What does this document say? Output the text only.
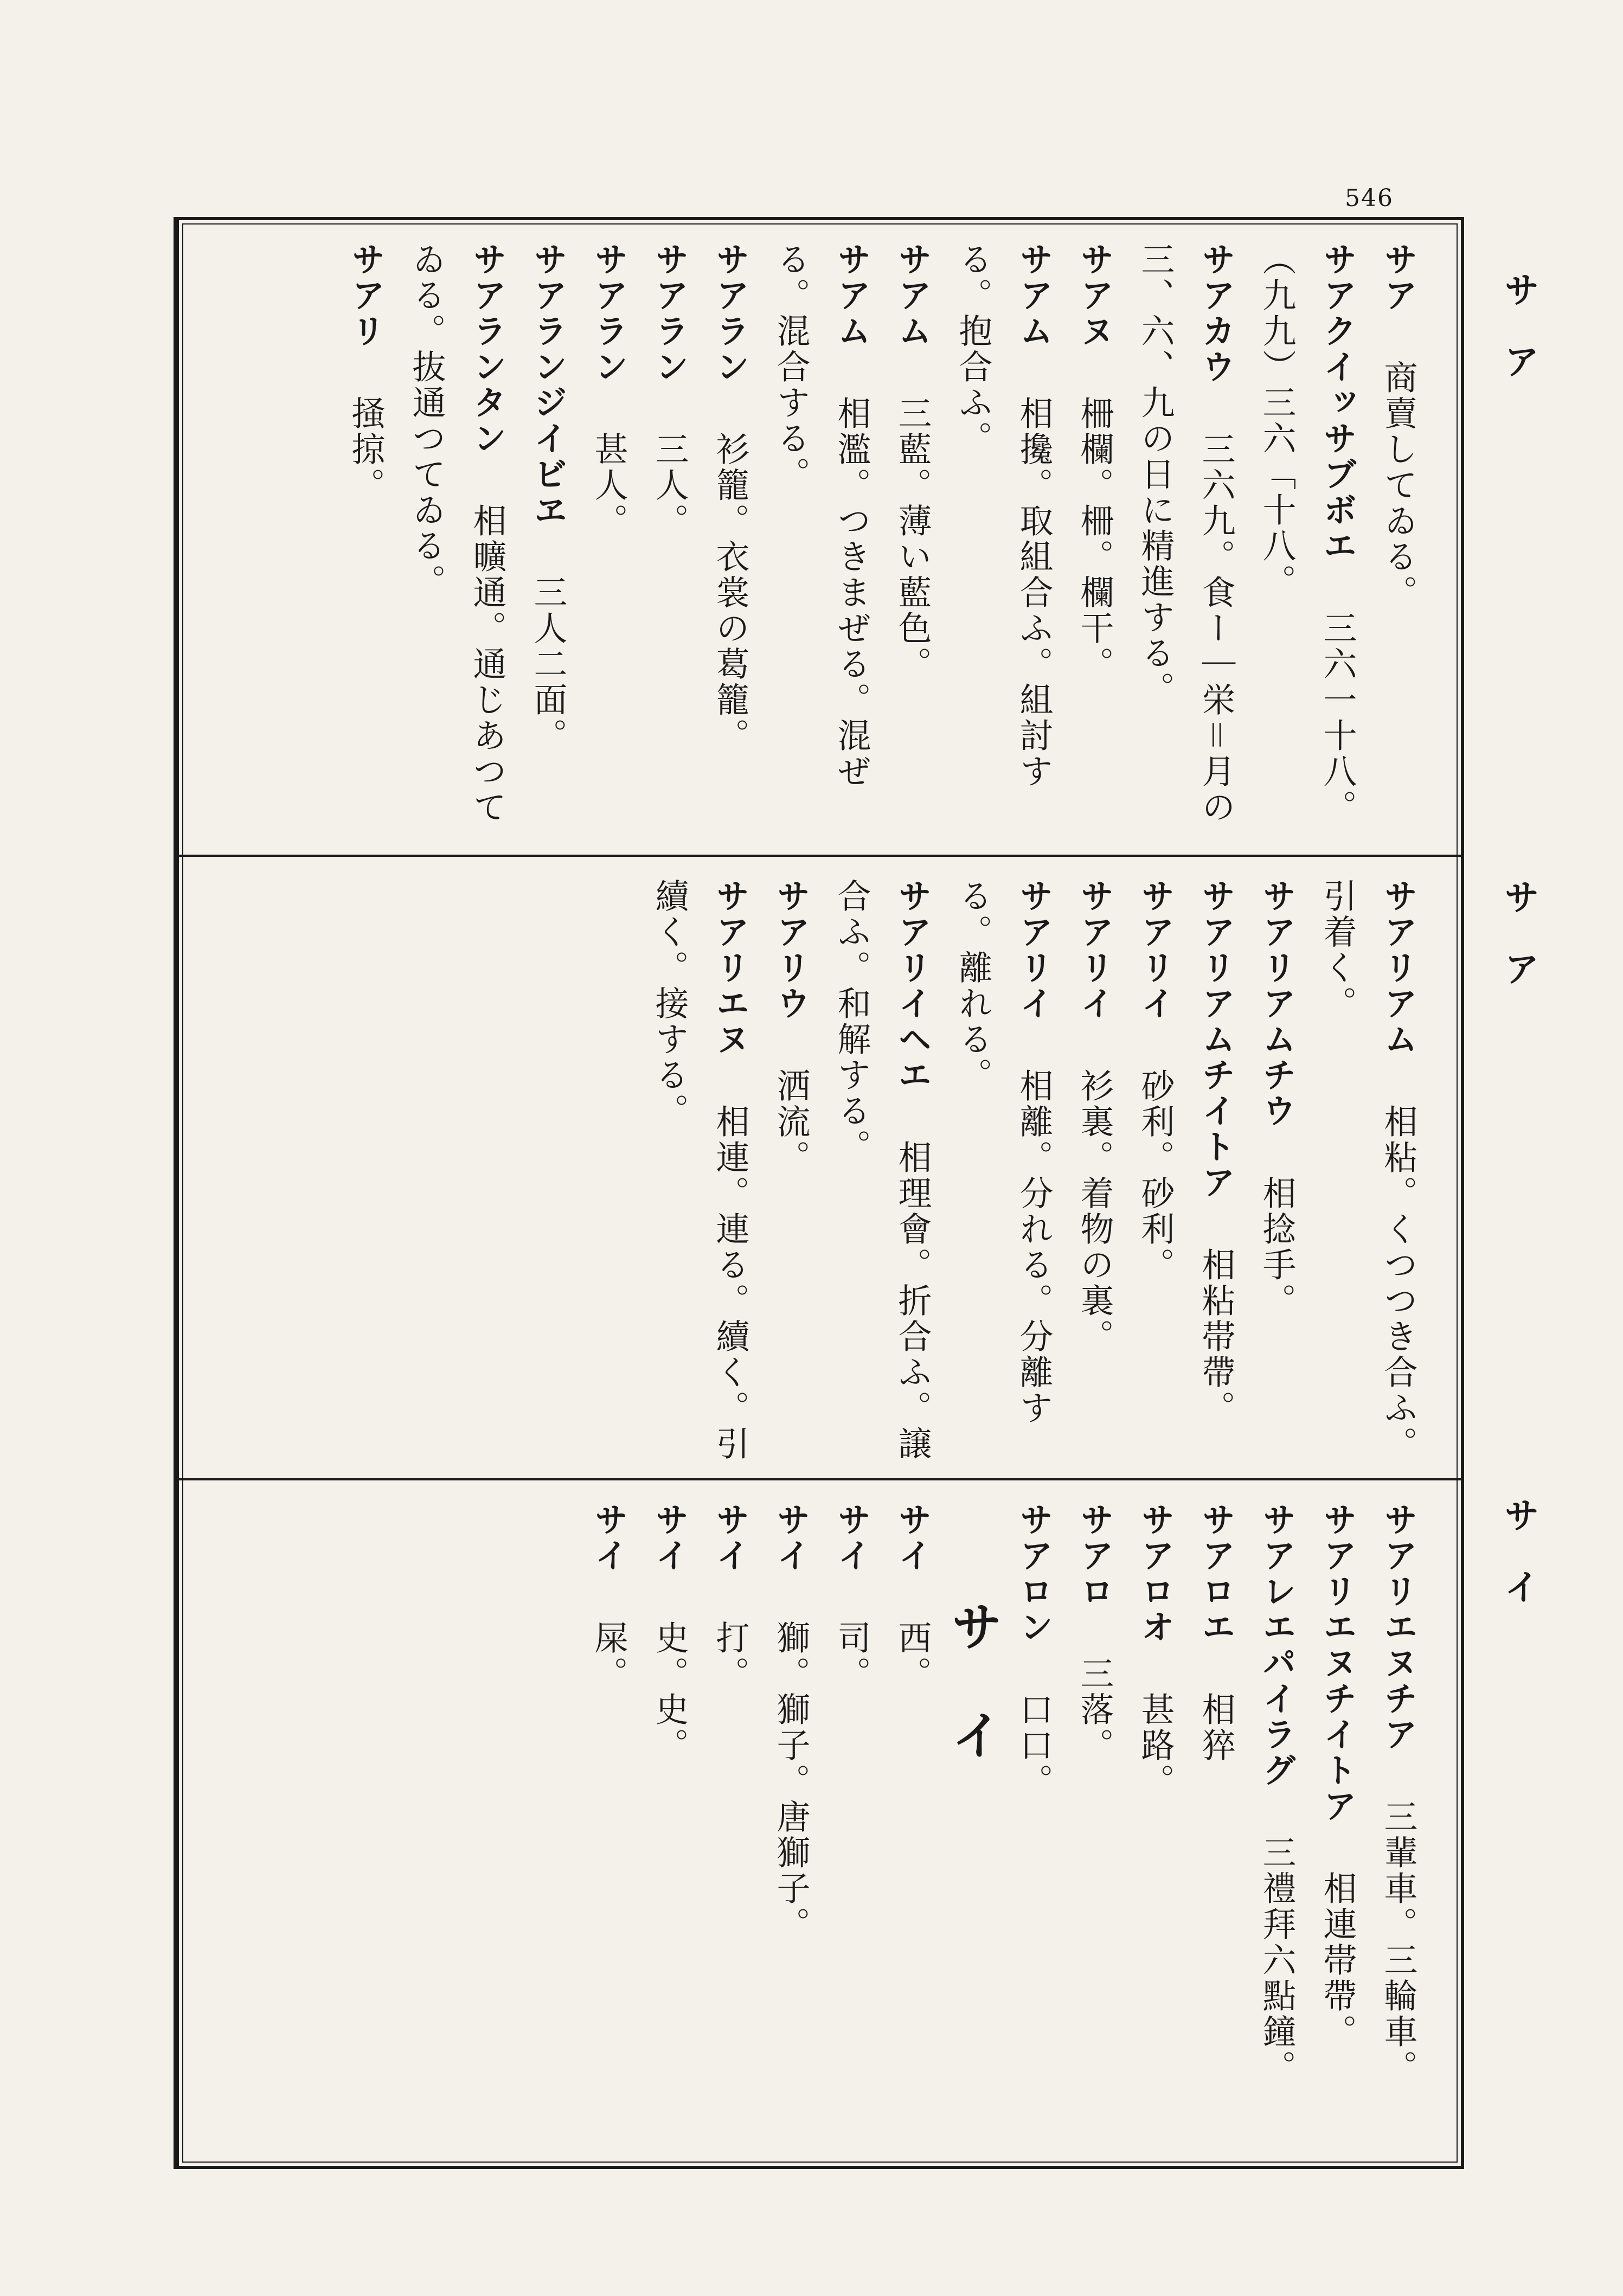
546
サ　ア
サ　ア
サ　イ
サア　商賣してゐる。
サアクイッサブボエ　三六一十八。（九九）三六「十八。
サアカウ　三六九。食ー｜栄＝月の三、六、九の日に精進する。
サアヌ　柵欄。柵。欄干。
サアム　相攙。取組合ふ。組討する。抱合ふ。
サアム　三藍。薄い藍色。
サアム　相濫。つきまぜる。混ぜる。混合する。
サアラン　衫籠。衣裳の葛籠。
サアラン　三人。
サアラン　甚人。
サアランジイビヱ　三人二面。
サアランタン　相曠通。通じあつてゐる。抜通つてゐる。
サアリ　掻掠。
サアリアム　相粘。くつつき合ふ。引着く。
サアリアムチウ　相捻手。
サアリアムチイトア　相粘帯帶。
サアリイ　砂利。砂利。
サアリイ　衫裏。着物の裏。
サアリイ　相離。分れる。分離する。離れる。
サアリイヘエ　相理會。折合ふ。譲合ふ。和解する。
サアリウ　洒流。
サアリエヌ　相連。連る。續く。引續く。接する。
サアリエヌチア　三輩車。三輪車。
サアリエヌチイトア　相連帯帶。
サアレエパイラグ　三禮拜六點鐘。
サアロエ　相猝
サアロオ　甚路。
サアロ　三落。
サアロン　口口。
サ　イ
サイ　西。
サイ　司。
サイ　獅。獅子。唐獅子。
サイ　打。
サイ　史。史。
サイ　屎。
